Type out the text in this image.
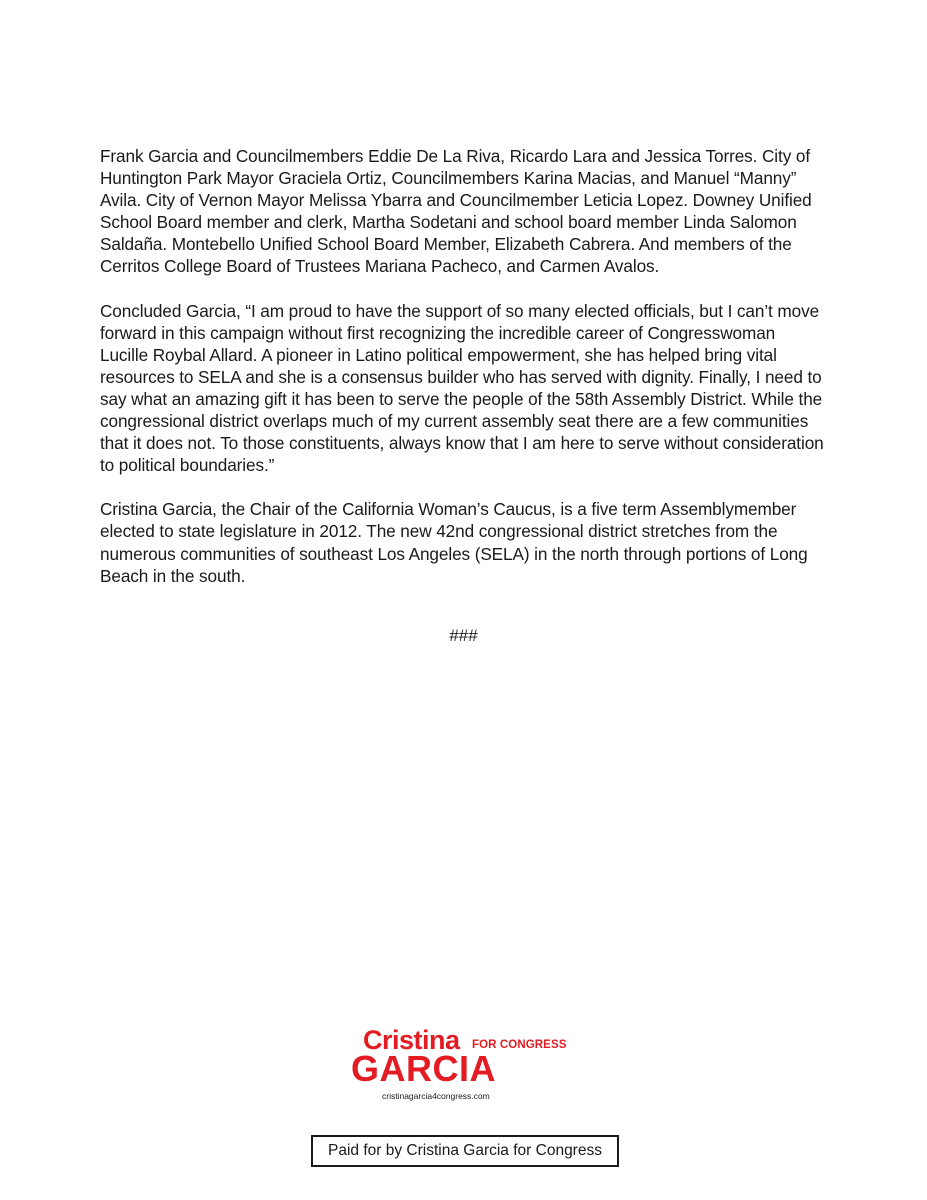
Frank Garcia and Councilmembers Eddie De La Riva, Ricardo Lara and Jessica Torres. City of Huntington Park Mayor Graciela Ortiz, Councilmembers Karina Macias, and Manuel “Manny” Avila. City of Vernon Mayor Melissa Ybarra and Councilmember Leticia Lopez. Downey Unified School Board member and clerk, Martha Sodetani and school board member Linda Salomon Saldaña. Montebello Unified School Board Member, Elizabeth Cabrera. And members of the Cerritos College Board of Trustees Mariana Pacheco, and Carmen Avalos.

Concluded Garcia, “I am proud to have the support of so many elected officials, but I can’t move forward in this campaign without first recognizing the incredible career of Congresswoman Lucille Roybal Allard. A pioneer in Latino political empowerment, she has helped bring vital resources to SELA and she is a consensus builder who has served with dignity. Finally, I need to say what an amazing gift it has been to serve the people of the 58th Assembly District. While the congressional district overlaps much of my current assembly seat there are a few communities that it does not. To those constituents, always know that I am here to serve without consideration to political boundaries.”

Cristina Garcia, the Chair of the California Woman’s Caucus, is a five term Assemblymember elected to state legislature in 2012. The new 42nd congressional district stretches from the numerous communities of southeast Los Angeles (SELA) in the north through portions of Long Beach in the south.

###
Cristina FOR CONGRESS
GARCIA
cristinagarcia4congress.com
Paid for by Cristina Garcia for Congress
